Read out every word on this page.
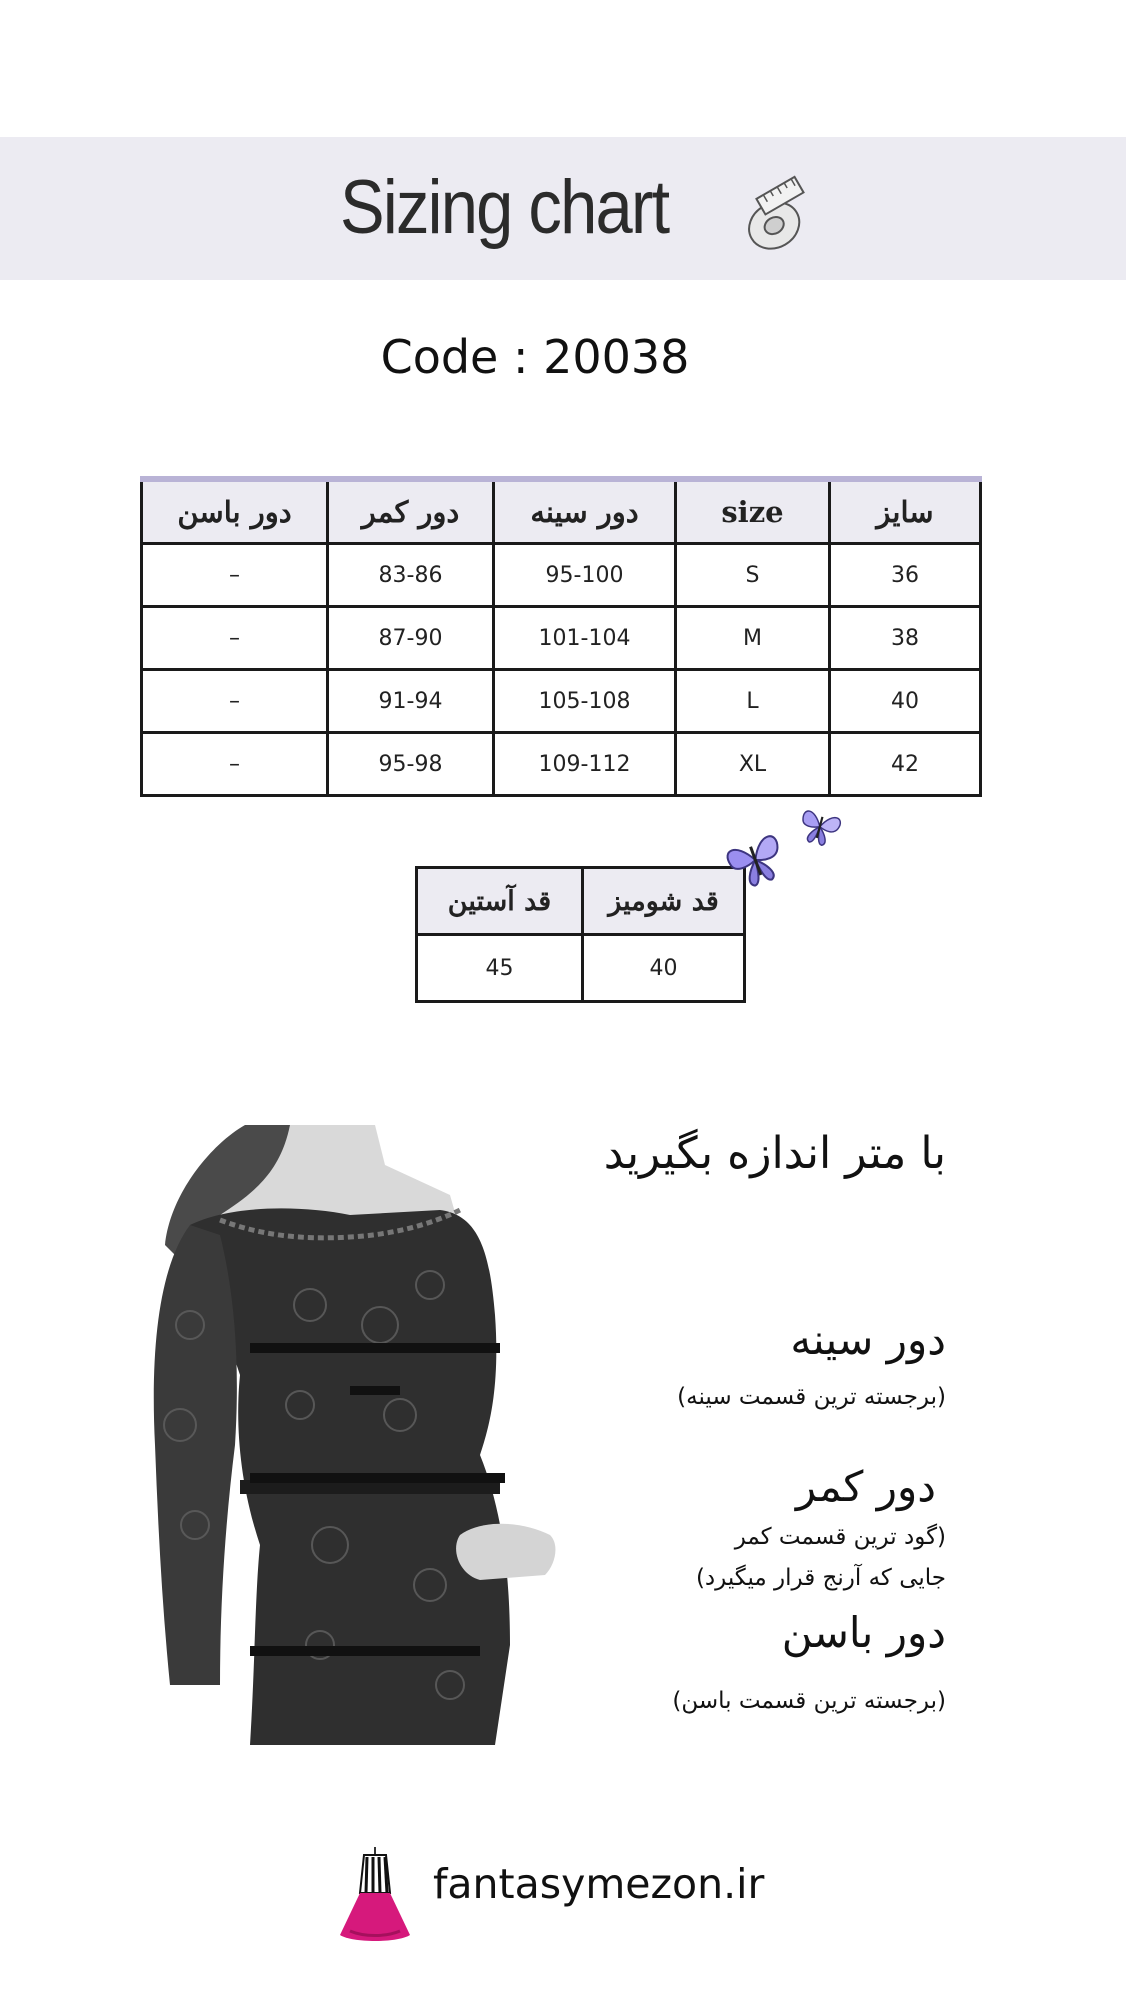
Sizing chart
Code : 20038
دور باسن	دور کمر	دور سینه	size	سایز
–	83-86	95-100	S	36
–	87-90	101-104	M	38
–	91-94	105-108	L	40
–	95-98	109-112	XL	42
قد آستین	قد شومیز
45	40
با متر اندازه بگیرید
دور سینه
(برجسته ترین قسمت سینه)
دور کمر
(گود ترین قسمت کمر
جایی که آرنج قرار میگیرد)
دور باسن
(برجسته ترین قسمت باسن)
fantasymezon.ir
